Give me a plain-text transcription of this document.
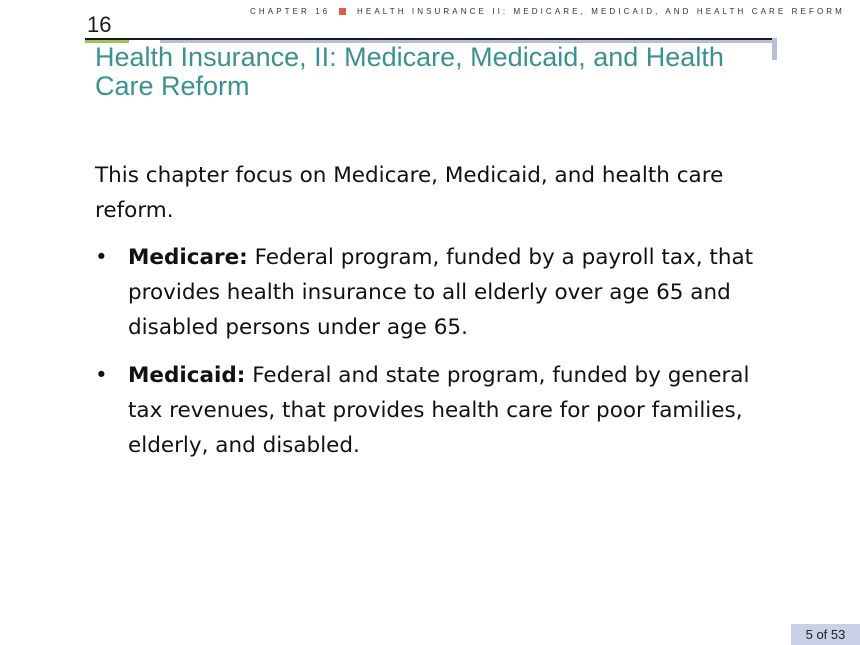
CHAPTER 16	HEALTH INSURANCE II: MEDICARE, MEDICAID, AND HEALTH CARE REFORM
16
Health Insurance, II: Medicare, Medicaid, and Health Care Reform

This chapter focus on Medicare, Medicaid, and health care reform.

• Medicare: Federal program, funded by a payroll tax, that provides health insurance to all elderly over age 65 and disabled persons under age 65.
• Medicaid: Federal and state program, funded by general tax revenues, that provides health care for poor families, elderly, and disabled.
5 of 53
